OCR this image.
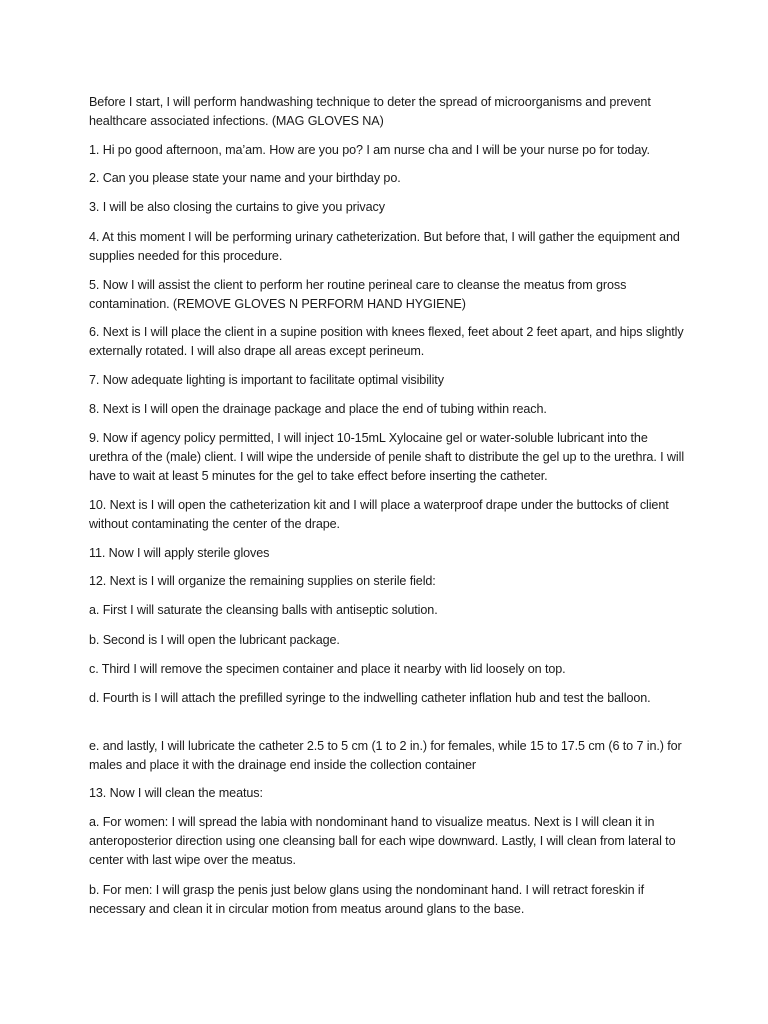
Before I start, I will perform handwashing technique to deter the spread of microorganisms and prevent healthcare associated infections. (MAG GLOVES NA)

1. Hi po good afternoon, ma’am. How are you po? I am nurse cha and I will be your nurse po for today.

2. Can you please state your name and your birthday po.

3. I will be also closing the curtains to give you privacy

4. At this moment I will be performing urinary catheterization. But before that, I will gather the equipment and supplies needed for this procedure.

5. Now I will assist the client to perform her routine perineal care to cleanse the meatus from gross contamination. (REMOVE GLOVES N PERFORM HAND HYGIENE)

6. Next is I will place the client in a supine position with knees flexed, feet about 2 feet apart, and hips slightly externally rotated. I will also drape all areas except perineum.

7. Now adequate lighting is important to facilitate optimal visibility

8. Next is I will open the drainage package and place the end of tubing within reach.

9. Now if agency policy permitted, I will inject 10-15mL Xylocaine gel or water-soluble lubricant into the urethra of the (male) client. I will wipe the underside of penile shaft to distribute the gel up to the urethra. I will have to wait at least 5 minutes for the gel to take effect before inserting the catheter.

10. Next is I will open the catheterization kit and I will place a waterproof drape under the buttocks of client without contaminating the center of the drape.

11. Now I will apply sterile gloves

12. Next is I will organize the remaining supplies on sterile field:

a. First I will saturate the cleansing balls with antiseptic solution.

b. Second is I will open the lubricant package.

c. Third I will remove the specimen container and place it nearby with lid loosely on top.

d. Fourth is I will attach the prefilled syringe to the indwelling catheter inflation hub and test the balloon.

e. and lastly, I will lubricate the catheter 2.5 to 5 cm (1 to 2 in.) for females, while 15 to 17.5 cm (6 to 7 in.) for males and place it with the drainage end inside the collection container

13. Now I will clean the meatus:

a. For women: I will spread the labia with nondominant hand to visualize meatus. Next is I will clean it in anteroposterior direction using one cleansing ball for each wipe downward. Lastly, I will clean from lateral to center with last wipe over the meatus.

b. For men: I will grasp the penis just below glans using the nondominant hand. I will retract foreskin if necessary and clean it in circular motion from meatus around glans to the base.
